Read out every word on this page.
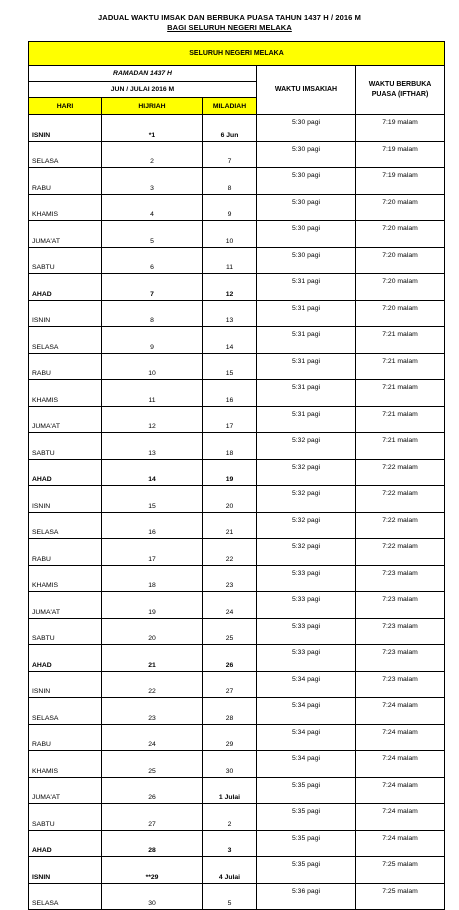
JADUAL WAKTU IMSAK DAN BERBUKA PUASA TAHUN 1437 H / 2016 M
BAGI SELURUH NEGERI MELAKA
SELURUH NEGERI MELAKA				
RAMADAN 1437 H			WAKTU IMSAKIAH	WAKTU BERBUKA PUASA (IFTHAR)
JUN / JULAI 2016 M				
HARI	HIJRIAH	MILADIAH		
ISNIN	*1	6 Jun	5:30 pagi	7:19 malam
SELASA	2	7	5:30 pagi	7:19 malam
RABU	3	8	5:30 pagi	7:19 malam
KHAMIS	4	9	5:30 pagi	7:20 malam
JUMA'AT	5	10	5:30 pagi	7:20 malam
SABTU	6	11	5:30 pagi	7:20 malam
AHAD	7	12	5:31 pagi	7:20 malam
ISNIN	8	13	5:31 pagi	7:20 malam
SELASA	9	14	5:31 pagi	7:21 malam
RABU	10	15	5:31 pagi	7:21 malam
KHAMIS	11	16	5:31 pagi	7:21 malam
JUMA'AT	12	17	5:31 pagi	7:21 malam
SABTU	13	18	5:32 pagi	7:21 malam
AHAD	14	19	5:32 pagi	7:22 malam
ISNIN	15	20	5:32 pagi	7:22 malam
SELASA	16	21	5:32 pagi	7:22 malam
RABU	17	22	5:32 pagi	7:22 malam
KHAMIS	18	23	5:33 pagi	7:23 malam
JUMA'AT	19	24	5:33 pagi	7:23 malam
SABTU	20	25	5:33 pagi	7:23 malam
AHAD	21	26	5:33 pagi	7:23 malam
ISNIN	22	27	5:34 pagi	7:23 malam
SELASA	23	28	5:34 pagi	7:24 malam
RABU	24	29	5:34 pagi	7:24 malam
KHAMIS	25	30	5:34 pagi	7:24 malam
JUMA'AT	26	1 Julai	5:35 pagi	7:24 malam
SABTU	27	2	5:35 pagi	7:24 malam
AHAD	28	3	5:35 pagi	7:24 malam
ISNIN	**29	4 Julai	5:35 pagi	7:25 malam
SELASA	30	5	5:36 pagi	7:25 malam
